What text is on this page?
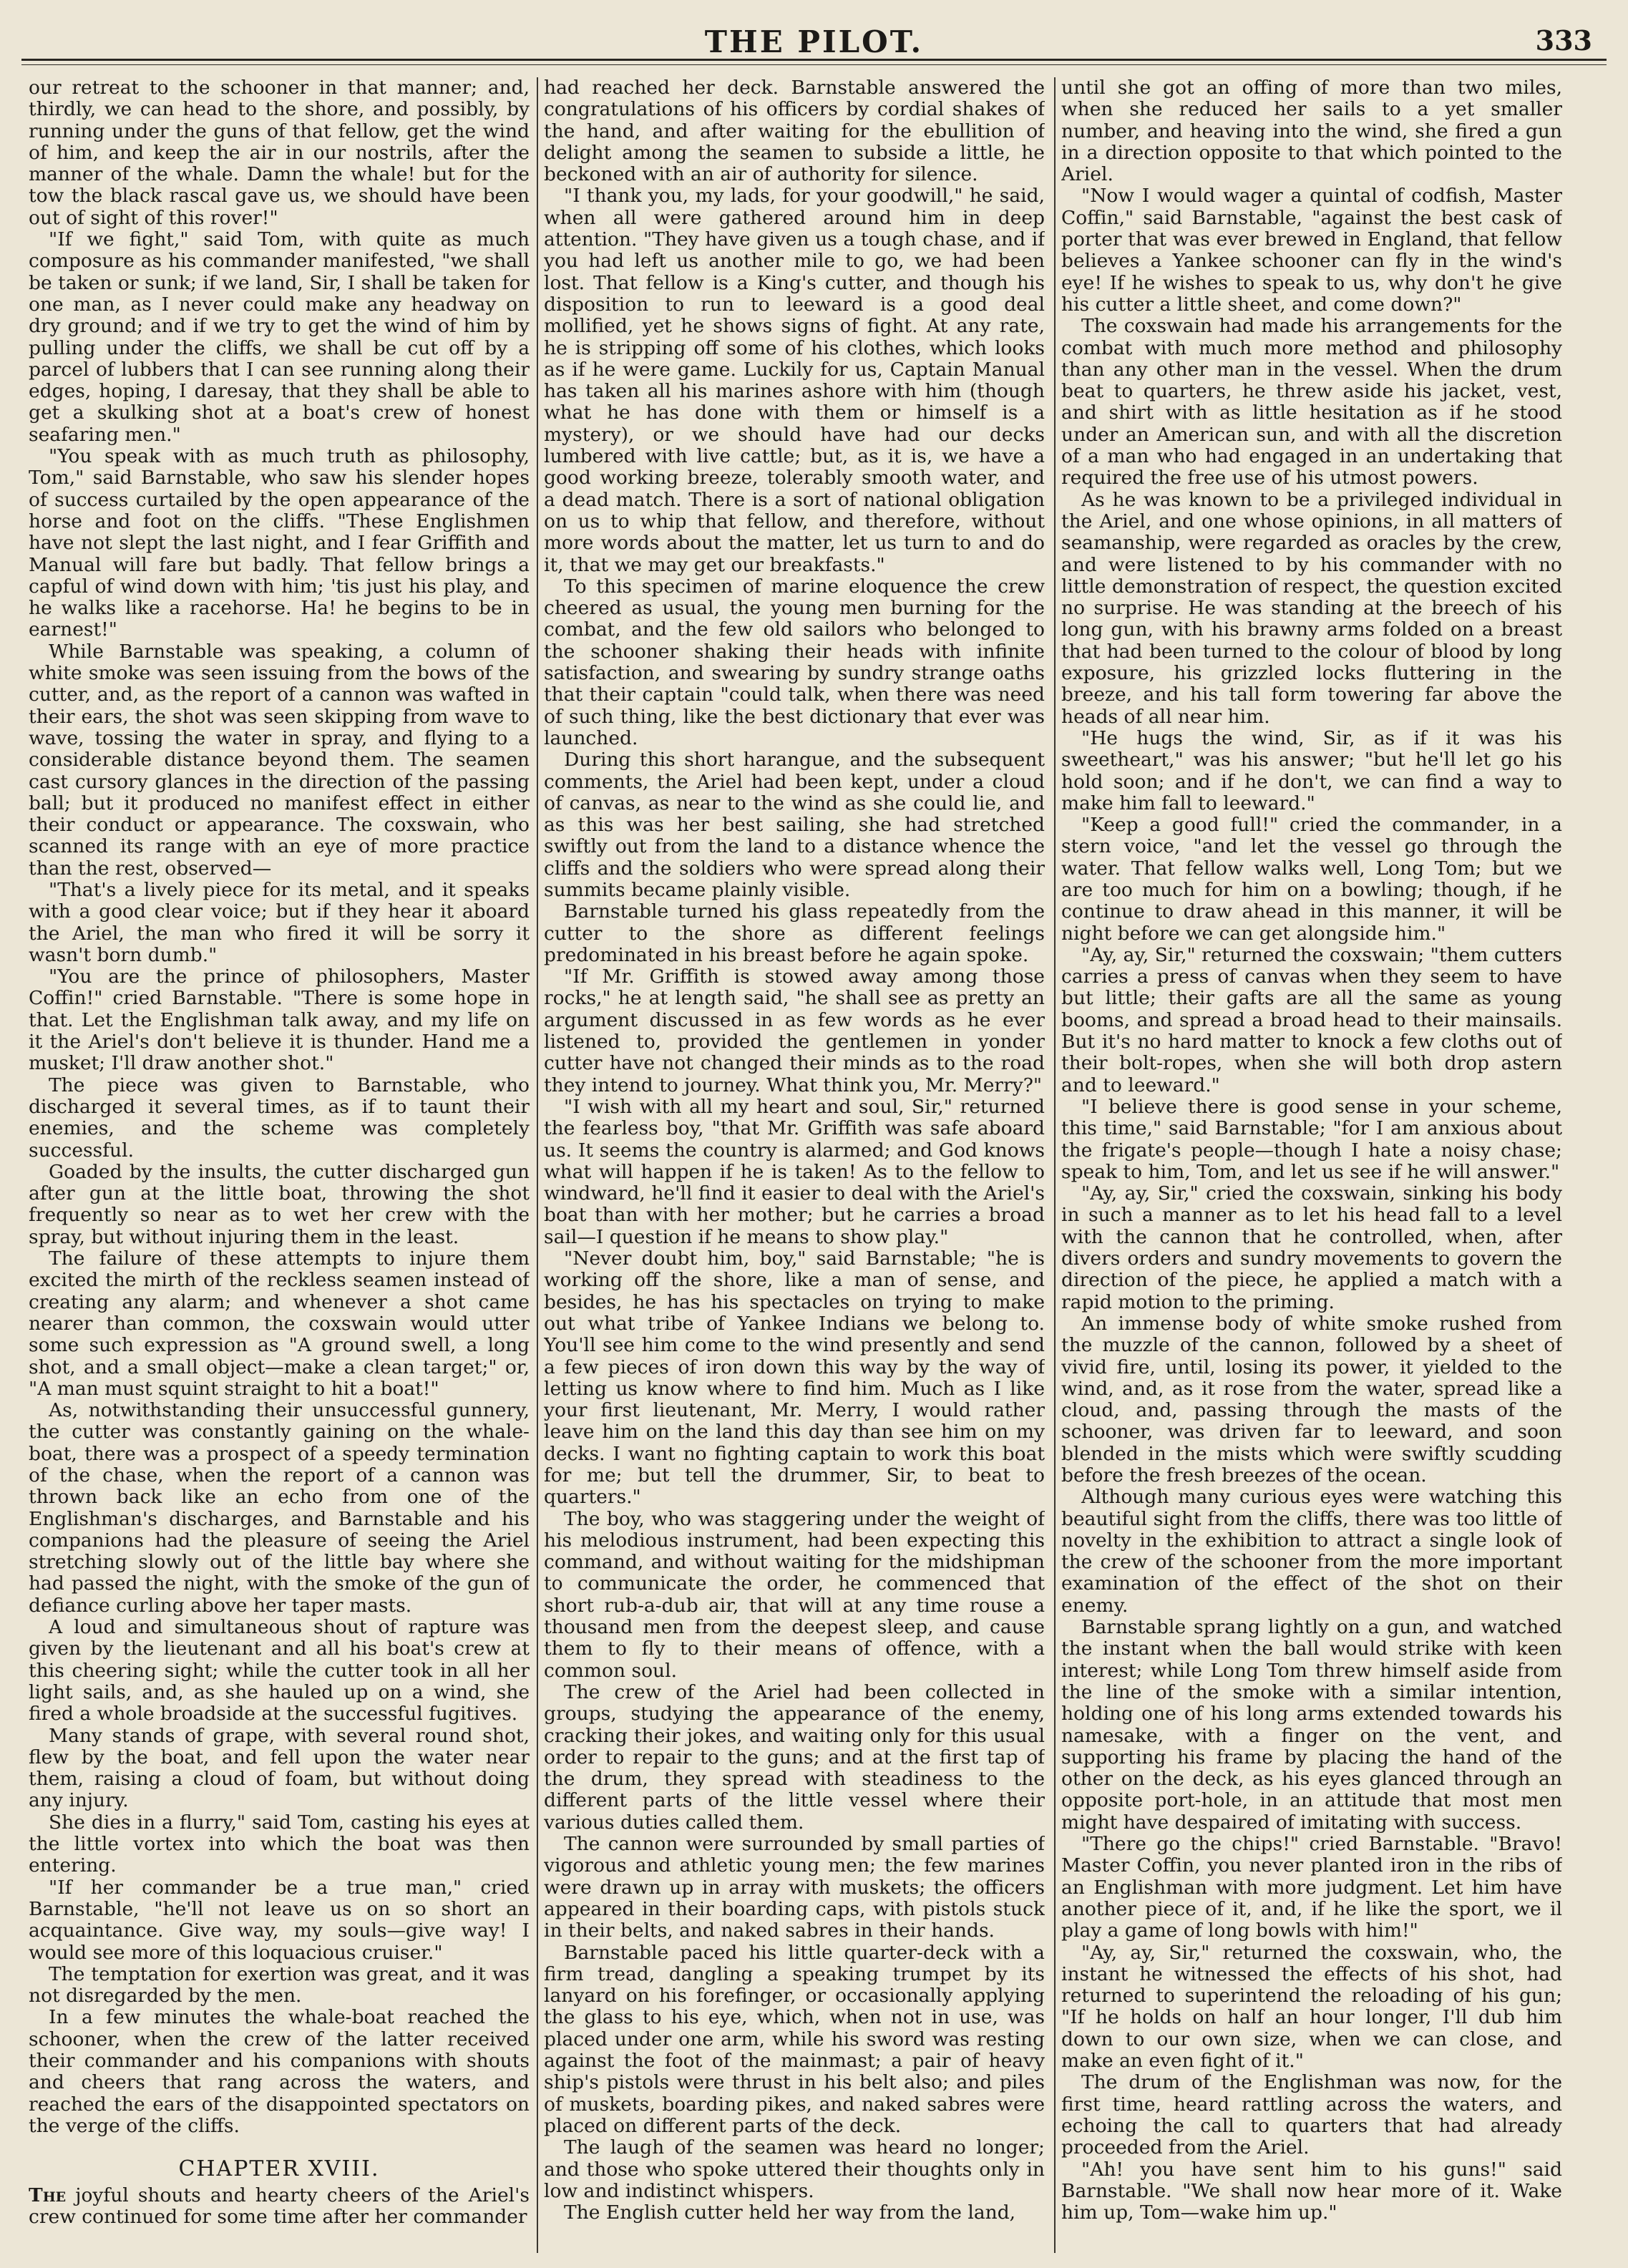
THE PILOT.	333

our retreat to the schooner in that manner; and, thirdly, we can head to the shore, and possibly, by running under the guns of that fellow, get the wind of him, and keep the air in our nostrils, after the manner of the whale. Damn the whale! but for the tow the black rascal gave us, we should have been out of sight of this rover!"

"If we fight," said Tom, with quite as much composure as his commander manifested, "we shall be taken or sunk; if we land, Sir, I shall be taken for one man, as I never could make any headway on dry ground; and if we try to get the wind of him by pulling under the cliffs, we shall be cut off by a parcel of lubbers that I can see running along their edges, hoping, I daresay, that they shall be able to get a skulking shot at a boat's crew of honest seafaring men."

"You speak with as much truth as philosophy, Tom," said Barnstable, who saw his slender hopes of success curtailed by the open appearance of the horse and foot on the cliffs. "These Englishmen have not slept the last night, and I fear Griffith and Manual will fare but badly. That fellow brings a capful of wind down with him; 'tis just his play, and he walks like a racehorse. Ha! he begins to be in earnest!"

While Barnstable was speaking, a column of white smoke was seen issuing from the bows of the cutter, and, as the report of a cannon was wafted in their ears, the shot was seen skipping from wave to wave, tossing the water in spray, and flying to a considerable distance beyond them. The seamen cast cursory glances in the direction of the passing ball; but it produced no manifest effect in either their conduct or appearance. The coxswain, who scanned its range with an eye of more practice than the rest, observed—

"That's a lively piece for its metal, and it speaks with a good clear voice; but if they hear it aboard the Ariel, the man who fired it will be sorry it wasn't born dumb."

"You are the prince of philosophers, Master Coffin!" cried Barnstable. "There is some hope in that. Let the Englishman talk away, and my life on it the Ariel's don't believe it is thunder. Hand me a musket; I'll draw another shot."

The piece was given to Barnstable, who discharged it several times, as if to taunt their enemies, and the scheme was completely successful.

Goaded by the insults, the cutter discharged gun after gun at the little boat, throwing the shot frequently so near as to wet her crew with the spray, but without injuring them in the least.

The failure of these attempts to injure them excited the mirth of the reckless seamen instead of creating any alarm; and whenever a shot came nearer than common, the coxswain would utter some such expression as "A ground swell, a long shot, and a small object—make a clean target;" or, "A man must squint straight to hit a boat!"

As, notwithstanding their unsuccessful gunnery, the cutter was constantly gaining on the whale-boat, there was a prospect of a speedy termination of the chase, when the report of a cannon was thrown back like an echo from one of the Englishman's discharges, and Barnstable and his companions had the pleasure of seeing the Ariel stretching slowly out of the little bay where she had passed the night, with the smoke of the gun of defiance curling above her taper masts.

A loud and simultaneous shout of rapture was given by the lieutenant and all his boat's crew at this cheering sight; while the cutter took in all her light sails, and, as she hauled up on a wind, she fired a whole broadside at the successful fugitives.

Many stands of grape, with several round shot, flew by the boat, and fell upon the water near them, raising a cloud of foam, but without doing any injury.

She dies in a flurry," said Tom, casting his eyes at the little vortex into which the boat was then entering.

"If her commander be a true man," cried Barnstable, "he'll not leave us on so short an acquaintance. Give way, my souls—give way! I would see more of this loquacious cruiser."

The temptation for exertion was great, and it was not disregarded by the men.

In a few minutes the whale-boat reached the schooner, when the crew of the latter received their commander and his companions with shouts and cheers that rang across the waters, and reached the ears of the disappointed spectators on the verge of the cliffs.

CHAPTER XVIII.

The joyful shouts and hearty cheers of the Ariel's crew continued for some time after her commander

had reached her deck. Barnstable answered the congratulations of his officers by cordial shakes of the hand, and after waiting for the ebullition of delight among the seamen to subside a little, he beckoned with an air of authority for silence.

"I thank you, my lads, for your goodwill," he said, when all were gathered around him in deep attention. "They have given us a tough chase, and if you had left us another mile to go, we had been lost. That fellow is a King's cutter, and though his disposition to run to leeward is a good deal mollified, yet he shows signs of fight. At any rate, he is stripping off some of his clothes, which looks as if he were game. Luckily for us, Captain Manual has taken all his marines ashore with him (though what he has done with them or himself is a mystery), or we should have had our decks lumbered with live cattle; but, as it is, we have a good working breeze, tolerably smooth water, and a dead match. There is a sort of national obligation on us to whip that fellow, and therefore, without more words about the matter, let us turn to and do it, that we may get our breakfasts."

To this specimen of marine eloquence the crew cheered as usual, the young men burning for the combat, and the few old sailors who belonged to the schooner shaking their heads with infinite satisfaction, and swearing by sundry strange oaths that their captain "could talk, when there was need of such thing, like the best dictionary that ever was launched.

During this short harangue, and the subsequent comments, the Ariel had been kept, under a cloud of canvas, as near to the wind as she could lie, and as this was her best sailing, she had stretched swiftly out from the land to a distance whence the cliffs and the soldiers who were spread along their summits became plainly visible.

Barnstable turned his glass repeatedly from the cutter to the shore as different feelings predominated in his breast before he again spoke.

"If Mr. Griffith is stowed away among those rocks," he at length said, "he shall see as pretty an argument discussed in as few words as he ever listened to, provided the gentlemen in yonder cutter have not changed their minds as to the road they intend to journey. What think you, Mr. Merry?"

"I wish with all my heart and soul, Sir," returned the fearless boy, "that Mr. Griffith was safe aboard us. It seems the country is alarmed; and God knows what will happen if he is taken! As to the fellow to windward, he'll find it easier to deal with the Ariel's boat than with her mother; but he carries a broad sail—I question if he means to show play."

"Never doubt him, boy," said Barnstable; "he is working off the shore, like a man of sense, and besides, he has his spectacles on trying to make out what tribe of Yankee Indians we belong to. You'll see him come to the wind presently and send a few pieces of iron down this way by the way of letting us know where to find him. Much as I like your first lieutenant, Mr. Merry, I would rather leave him on the land this day than see him on my decks. I want no fighting captain to work this boat for me; but tell the drummer, Sir, to beat to quarters."

The boy, who was staggering under the weight of his melodious instrument, had been expecting this command, and without waiting for the midshipman to communicate the order, he commenced that short rub-a-dub air, that will at any time rouse a thousand men from the deepest sleep, and cause them to fly to their means of offence, with a common soul.

The crew of the Ariel had been collected in groups, studying the appearance of the enemy, cracking their jokes, and waiting only for this usual order to repair to the guns; and at the first tap of the drum, they spread with steadiness to the different parts of the little vessel where their various duties called them.

The cannon were surrounded by small parties of vigorous and athletic young men; the few marines were drawn up in array with muskets; the officers appeared in their boarding caps, with pistols stuck in their belts, and naked sabres in their hands.

Barnstable paced his little quarter-deck with a firm tread, dangling a speaking trumpet by its lanyard on his forefinger, or occasionally applying the glass to his eye, which, when not in use, was placed under one arm, while his sword was resting against the foot of the mainmast; a pair of heavy ship's pistols were thrust in his belt also; and piles of muskets, boarding pikes, and naked sabres were placed on different parts of the deck.

The laugh of the seamen was heard no longer; and those who spoke uttered their thoughts only in low and indistinct whispers.

The English cutter held her way from the land,

until she got an offing of more than two miles, when she reduced her sails to a yet smaller number, and heaving into the wind, she fired a gun in a direction opposite to that which pointed to the Ariel.

"Now I would wager a quintal of codfish, Master Coffin," said Barnstable, "against the best cask of porter that was ever brewed in England, that fellow believes a Yankee schooner can fly in the wind's eye! If he wishes to speak to us, why don't he give his cutter a little sheet, and come down?"

The coxswain had made his arrangements for the combat with much more method and philosophy than any other man in the vessel. When the drum beat to quarters, he threw aside his jacket, vest, and shirt with as little hesitation as if he stood under an American sun, and with all the discretion of a man who had engaged in an undertaking that required the free use of his utmost powers.

As he was known to be a privileged individual in the Ariel, and one whose opinions, in all matters of seamanship, were regarded as oracles by the crew, and were listened to by his commander with no little demonstration of respect, the question excited no surprise. He was standing at the breech of his long gun, with his brawny arms folded on a breast that had been turned to the colour of blood by long exposure, his grizzled locks fluttering in the breeze, and his tall form towering far above the heads of all near him.

"He hugs the wind, Sir, as if it was his sweetheart," was his answer; "but he'll let go his hold soon; and if he don't, we can find a way to make him fall to leeward."

"Keep a good full!" cried the commander, in a stern voice, "and let the vessel go through the water. That fellow walks well, Long Tom; but we are too much for him on a bowling; though, if he continue to draw ahead in this manner, it will be night before we can get alongside him."

"Ay, ay, Sir," returned the coxswain; "them cutters carries a press of canvas when they seem to have but little; their gafts are all the same as young booms, and spread a broad head to their mainsails. But it's no hard matter to knock a few cloths out of their bolt-ropes, when she will both drop astern and to leeward."

"I believe there is good sense in your scheme, this time," said Barnstable; "for I am anxious about the frigate's people—though I hate a noisy chase; speak to him, Tom, and let us see if he will answer."

"Ay, ay, Sir," cried the coxswain, sinking his body in such a manner as to let his head fall to a level with the cannon that he controlled, when, after divers orders and sundry movements to govern the direction of the piece, he applied a match with a rapid motion to the priming.

An immense body of white smoke rushed from the muzzle of the cannon, followed by a sheet of vivid fire, until, losing its power, it yielded to the wind, and, as it rose from the water, spread like a cloud, and, passing through the masts of the schooner, was driven far to leeward, and soon blended in the mists which were swiftly scudding before the fresh breezes of the ocean.

Although many curious eyes were watching this beautiful sight from the cliffs, there was too little of novelty in the exhibition to attract a single look of the crew of the schooner from the more important examination of the effect of the shot on their enemy.

Barnstable sprang lightly on a gun, and watched the instant when the ball would strike with keen interest; while Long Tom threw himself aside from the line of the smoke with a similar intention, holding one of his long arms extended towards his namesake, with a finger on the vent, and supporting his frame by placing the hand of the other on the deck, as his eyes glanced through an opposite port-hole, in an attitude that most men might have despaired of imitating with success.

"There go the chips!" cried Barnstable. "Bravo! Master Coffin, you never planted iron in the ribs of an Englishman with more judgment. Let him have another piece of it, and, if he like the sport, we il play a game of long bowls with him!"

"Ay, ay, Sir," returned the coxswain, who, the instant he witnessed the effects of his shot, had returned to superintend the reloading of his gun; "If he holds on half an hour longer, I'll dub him down to our own size, when we can close, and make an even fight of it."

The drum of the Englishman was now, for the first time, heard rattling across the waters, and echoing the call to quarters that had already proceeded from the Ariel.

"Ah! you have sent him to his guns!" said Barnstable. "We shall now hear more of it. Wake him up, Tom—wake him up."
